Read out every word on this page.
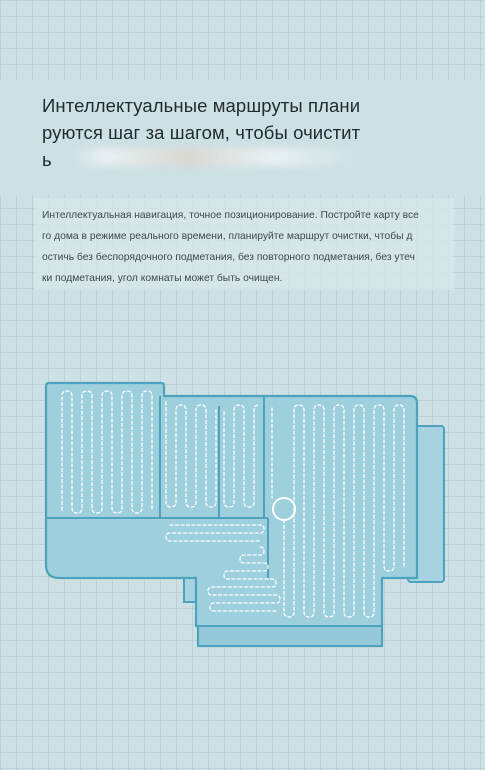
Интеллектуальные маршруты плани
руются шаг за шагом, чтобы очистит
ь

Интеллектуальная навигация, точное позиционирование. Постройте карту все
го дома в режиме реального времени, планируйте маршрут очистки, чтобы д
остичь без беспорядочного подметания, без повторного подметания, без утеч
ки подметания, угол комнаты может быть очищен.
